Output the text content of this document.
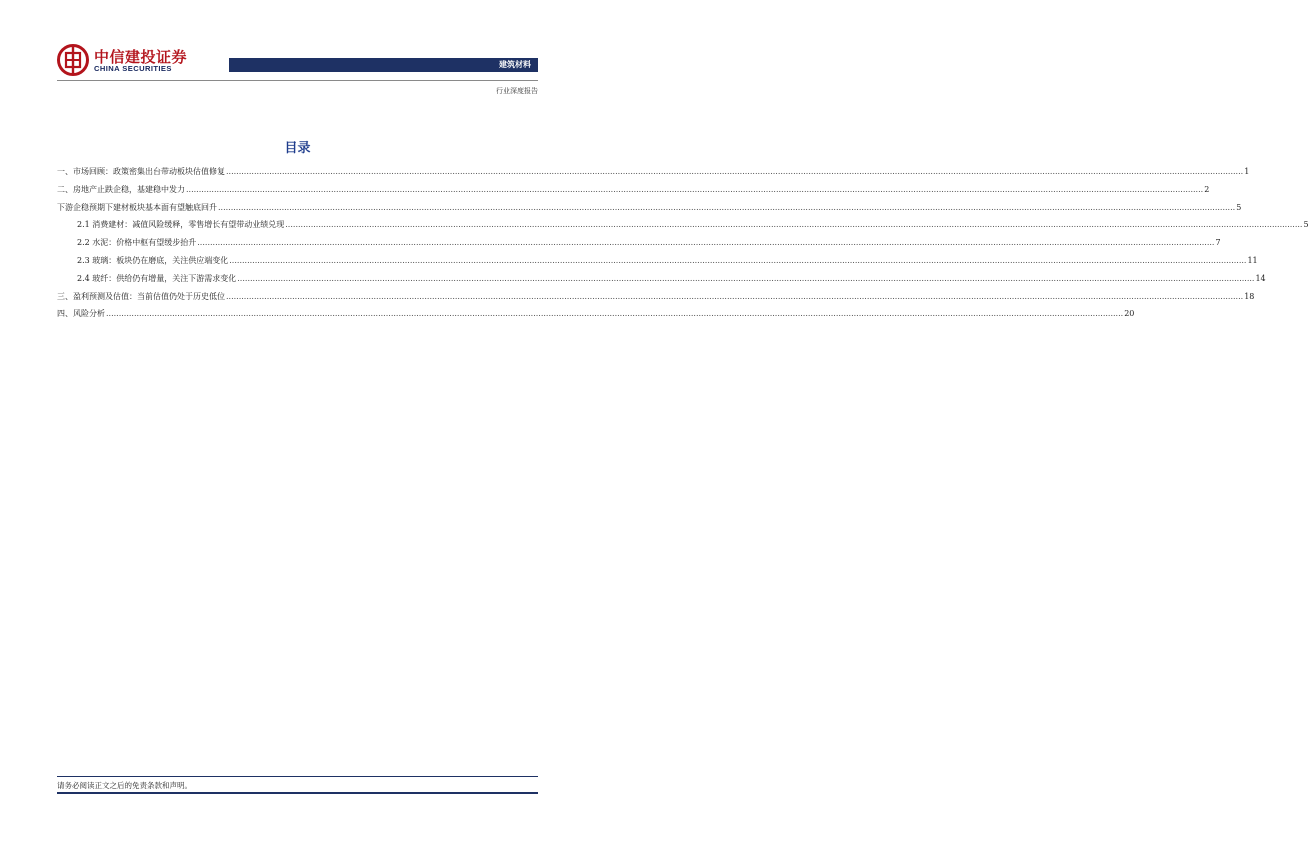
中信建投证券
CHINA SECURITIES	建筑材料
行业深度报告
目录
一、市场回顾：政策密集出台带动板块估值修复 ................................................................................................................................................................................................................................................................................................................................................................................................................ 1
二、房地产止跌企稳，基建稳中发力 ................................................................................................................................................................................................................................................................................................................................................................................................................ 2
下游企稳预期下建材板块基本面有望触底回升 ................................................................................................................................................................................................................................................................................................................................................................................................................ 5
2.1 消费建材：减值风险缓释，零售增长有望带动业绩兑现 ................................................................................................................................................................................................................................................................................................................................................................................................................ 5
2.2 水泥：价格中枢有望缓步抬升 ................................................................................................................................................................................................................................................................................................................................................................................................................ 7
2.3 玻璃：板块仍在磨底，关注供应端变化 ................................................................................................................................................................................................................................................................................................................................................................................................................ 11
2.4 玻纤：供给仍有增量，关注下游需求变化 ................................................................................................................................................................................................................................................................................................................................................................................................................ 14
三、盈利预测及估值：当前估值仍处于历史低位 ................................................................................................................................................................................................................................................................................................................................................................................................................ 18
四、风险分析 ................................................................................................................................................................................................................................................................................................................................................................................................................ 20
请务必阅读正文之后的免责条款和声明。
